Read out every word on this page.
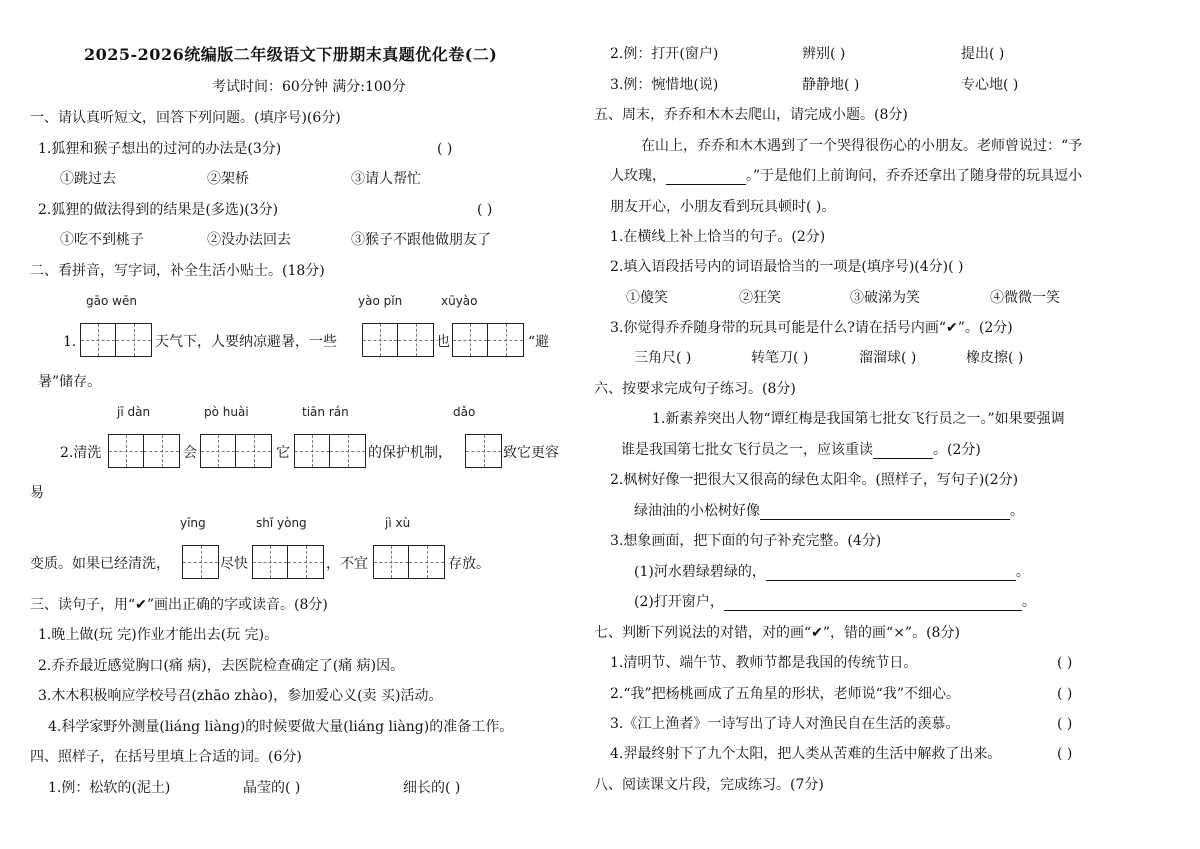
2025-2026统编版二年级语文下册期末真题优化卷(二)
考试时间：60分钟 满分:100分
一、请认真听短文，回答下列问题。(填序号)(6分)
1.狐狸和猴子想出的过河的办法是(3分)	( )
①跳过去	②架桥	③请人帮忙
2.狐狸的做法得到的结果是(多选)(3分)	( )
①吃不到桃子	②没办法回去	③猴子不跟他做朋友了
二、看拼音，写字词，补全生活小贴士。(18分)
gāo wēn	yào pǐn	xūyào
1.	天气下，人要纳凉避暑，一些	也	“避
暑”储存。
jī dàn	pò huài	tiān rán	dǎo
2.清洗	会	它	的保护机制，	致它更容
易
yīng	shǐ yòng	jì xù
变质。如果已经清洗，	尽快	，不宜	存放。
三、读句子，用“✔”画出正确的字或读音。(8分)
1.晚上做(玩 完)作业才能出去(玩 完)。
2.乔乔最近感觉胸口(痛 病)，去医院检查确定了(痛 病)因。
3.木木积极响应学校号召(zhāo zhào)，参加爱心义(卖 买)活动。
4.科学家野外测量(liáng liàng)的时候要做大量(liáng liàng)的准备工作。
四、照样子，在括号里填上合适的词。(6分)
1.例：松软的(泥土)	晶莹的( )	细长的( )
2.例：打开(窗户)	辨别( )	提出( )
3.例：惋惜地(说)	静静地( )	专心地( )
五、周末，乔乔和木木去爬山，请完成小题。(8分)
在山上，乔乔和木木遇到了一个哭得很伤心的小朋友。老师曾说过：“予
人玫瑰，	。”于是他们上前询问，乔乔还拿出了随身带的玩具逗小
朋友开心，小朋友看到玩具顿时( )。
1.在横线上补上恰当的句子。(2分)
2.填入语段括号内的词语最恰当的一项是(填序号)(4分)( )
①傻笑	②狂笑	③破涕为笑	④微微一笑
3.你觉得乔乔随身带的玩具可能是什么?请在括号内画“✔”。(2分)
三角尺( )	转笔刀( )	溜溜球( )	橡皮擦( )
六、按要求完成句子练习。(8分)
1.新素养突出人物“谭红梅是我国第七批女飞行员之一。”如果要强调
谁是我国第七批女飞行员之一，应该重读	。(2分)
2.枫树好像一把很大又很高的绿色太阳伞。(照样子，写句子)(2分)
绿油油的小松树好像	。
3.想象画面，把下面的句子补充完整。(4分)
(1)河水碧绿碧绿的，	。
(2)打开窗户，	。
七、判断下列说法的对错，对的画“✔”，错的画“×”。(8分)
1.清明节、端午节、教师节都是我国的传统节日。	( )
2.“我”把杨桃画成了五角星的形状，老师说“我”不细心。	( )
3.《江上渔者》一诗写出了诗人对渔民自在生活的羡慕。	( )
4.羿最终射下了九个太阳，把人类从苦难的生活中解救了出来。	( )
八、阅读课文片段，完成练习。(7分)
